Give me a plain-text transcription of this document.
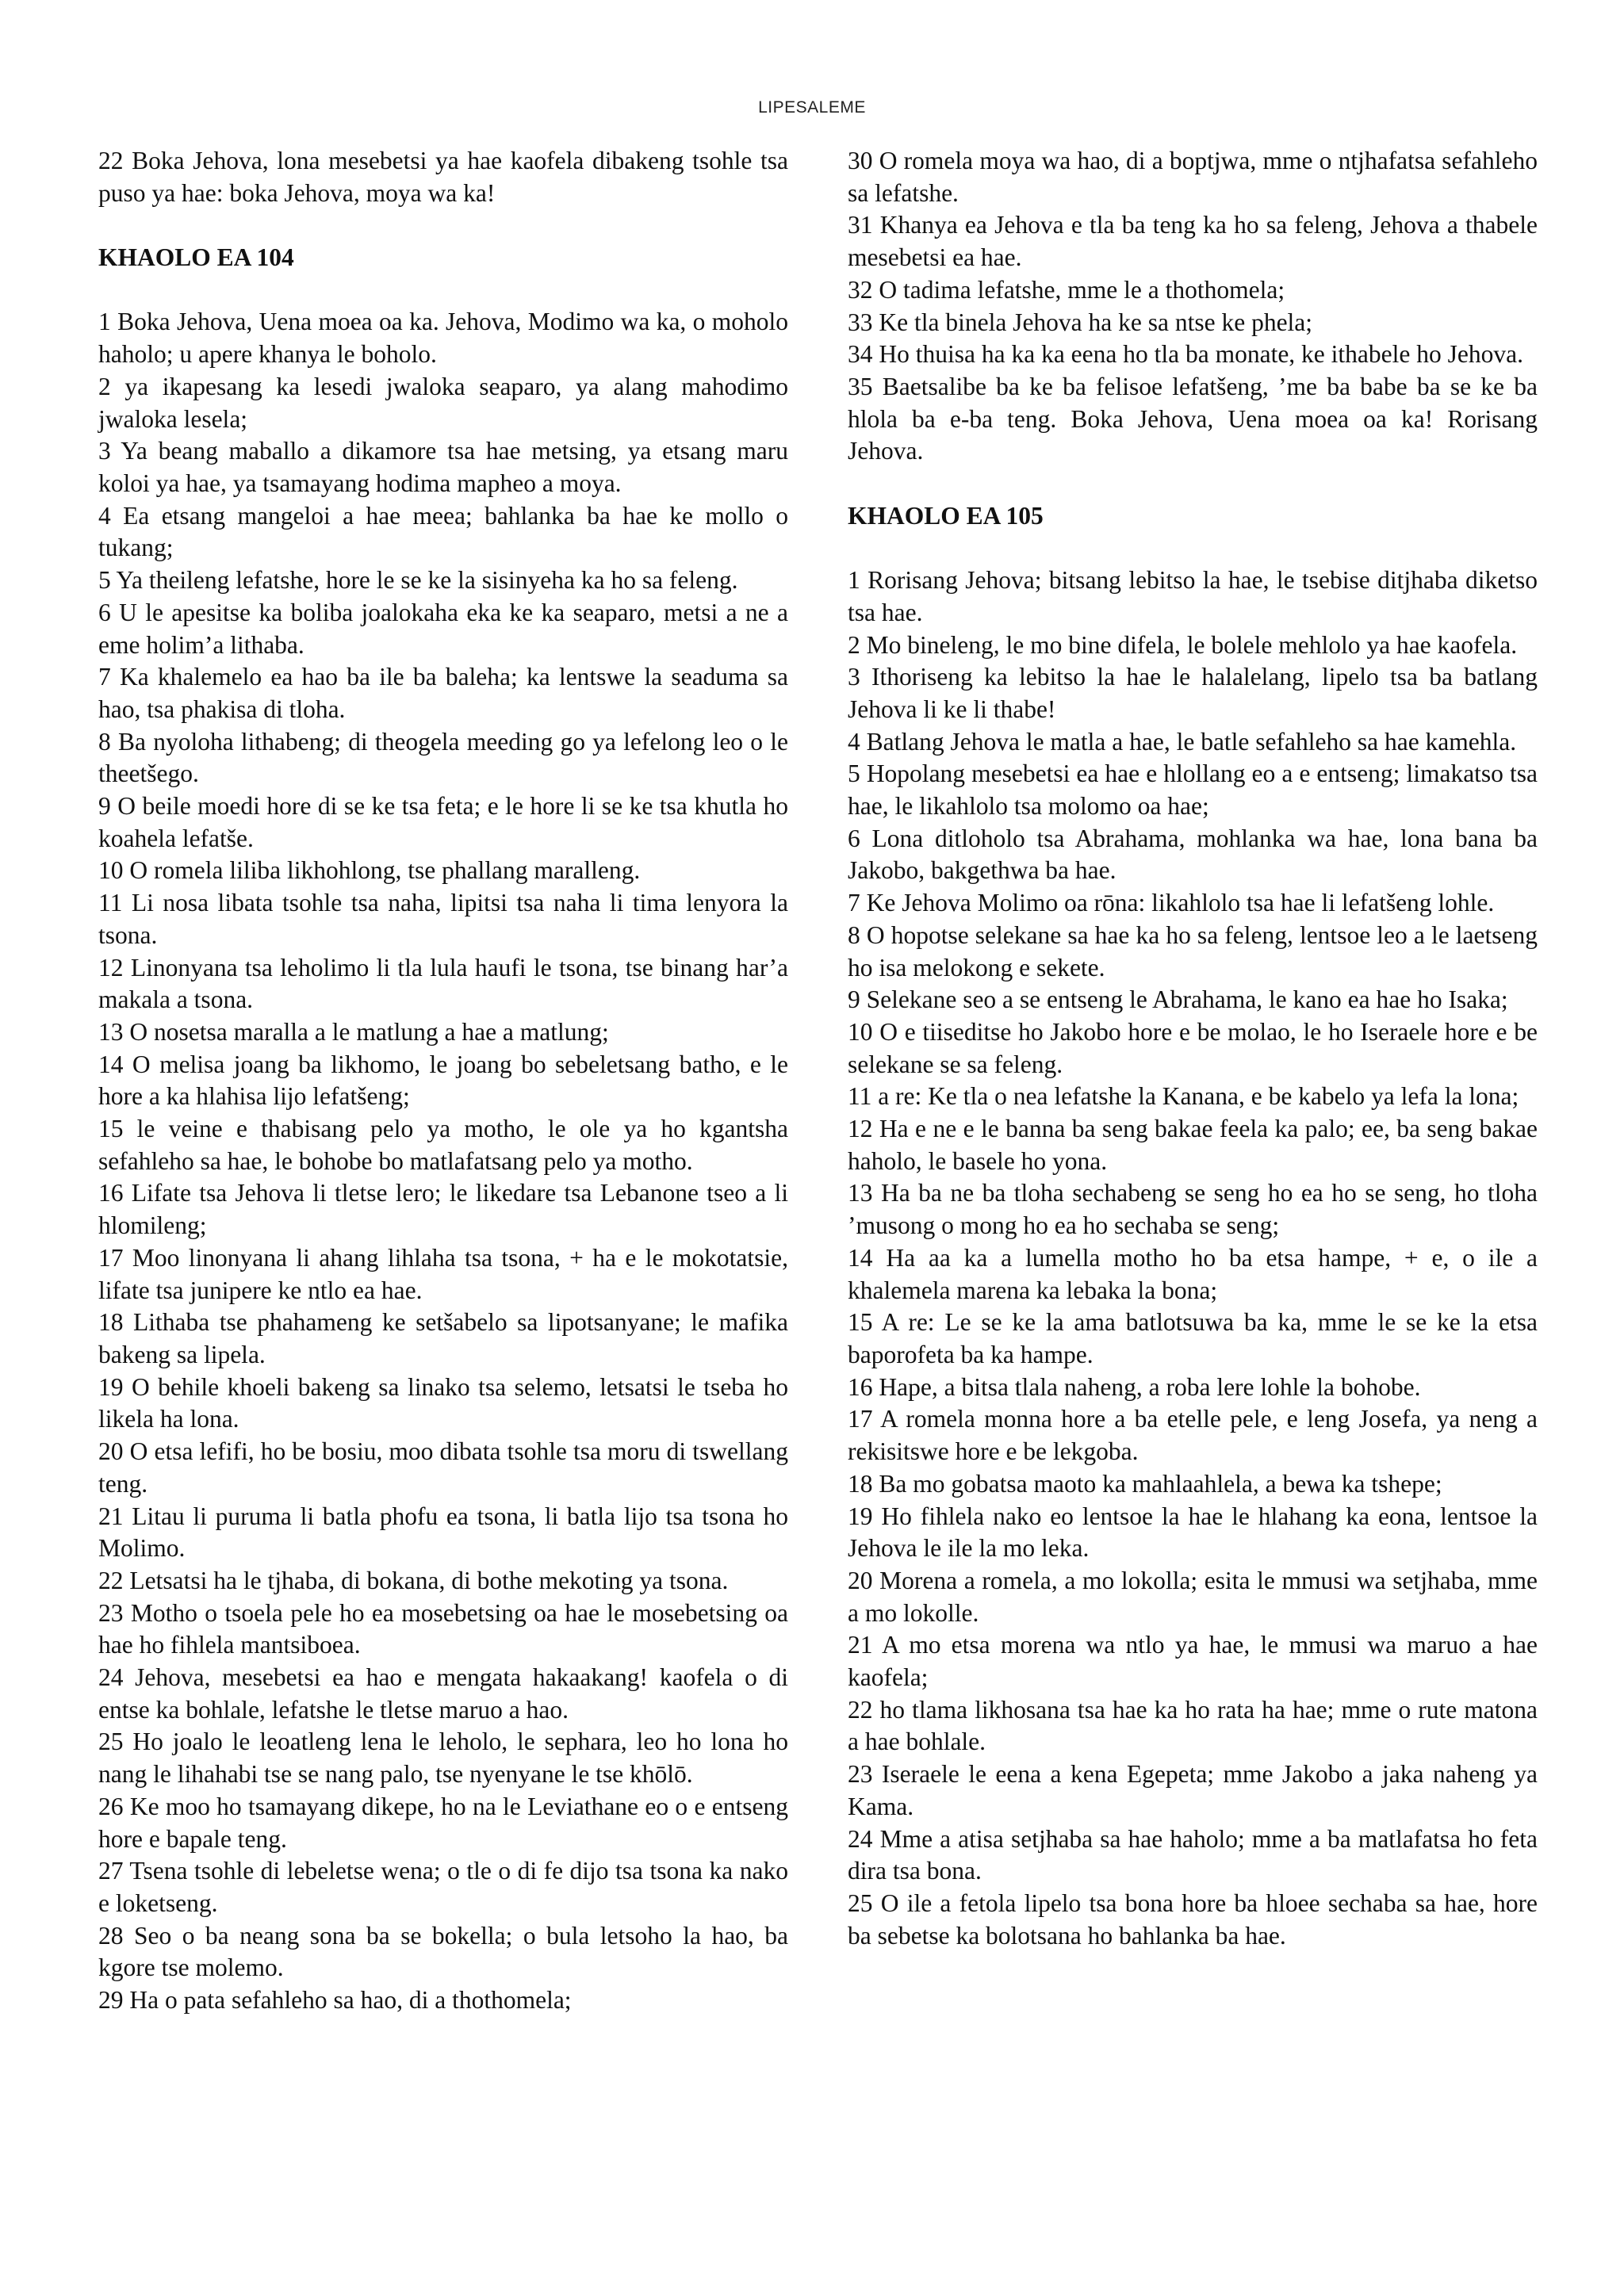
LIPESALEME

22 Boka Jehova, lona mesebetsi ya hae kaofela dibakeng tsohle tsa puso ya hae: boka Jehova, moya wa ka!

KHAOLO EA 104

1 Boka Jehova, Uena moea oa ka. Jehova, Modimo wa ka, o moholo haholo; u apere khanya le boholo.

2 ya ikapesang ka lesedi jwaloka seaparo, ya alang mahodimo jwaloka lesela;

3 Ya beang maballo a dikamore tsa hae metsing, ya etsang maru koloi ya hae, ya tsamayang hodima mapheo a moya.

4 Ea etsang mangeloi a hae meea; bahlanka ba hae ke mollo o tukang;

5 Ya theileng lefatshe, hore le se ke la sisinyeha ka ho sa feleng.

6 U le apesitse ka boliba joalokaha eka ke ka seaparo, metsi a ne a eme holim’a lithaba.

7 Ka khalemelo ea hao ba ile ba baleha; ka lentswe la seaduma sa hao, tsa phakisa di tloha.

8 Ba nyoloha lithabeng; di theogela meeding go ya lefelong leo o le theetšego.

9 O beile moedi hore di se ke tsa feta; e le hore li se ke tsa khutla ho koahela lefatše.

10 O romela liliba likhohlong, tse phallang maralleng.

11 Li nosa libata tsohle tsa naha, lipitsi tsa naha li tima lenyora la tsona.

12 Linonyana tsa leholimo li tla lula haufi le tsona, tse binang har’a makala a tsona.

13 O nosetsa maralla a le matlung a hae a matlung;

14 O melisa joang ba likhomo, le joang bo sebeletsang batho, e le hore a ka hlahisa lijo lefatšeng;

15 le veine e thabisang pelo ya motho, le ole ya ho kgantsha sefahleho sa hae, le bohobe bo matlafatsang pelo ya motho.

16 Lifate tsa Jehova li tletse lero; le likedare tsa Lebanone tseo a li hlomileng;

17 Moo linonyana li ahang lihlaha tsa tsona, + ha e le mokotatsie, lifate tsa junipere ke ntlo ea hae.

18 Lithaba tse phahameng ke setšabelo sa lipotsanyane; le mafika bakeng sa lipela.

19 O behile khoeli bakeng sa linako tsa selemo, letsatsi le tseba ho likela ha lona.

20 O etsa lefifi, ho be bosiu, moo dibata tsohle tsa moru di tswellang teng.

21 Litau li puruma li batla phofu ea tsona, li batla lijo tsa tsona ho Molimo.

22 Letsatsi ha le tjhaba, di bokana, di bothe mekoting ya tsona.

23 Motho o tsoela pele ho ea mosebetsing oa hae le mosebetsing oa hae ho fihlela mantsiboea.

24 Jehova, mesebetsi ea hao e mengata hakaakang! kaofela o di entse ka bohlale, lefatshe le tletse maruo a hao.

25 Ho joalo le leoatleng lena le leholo, le sephara, leo ho lona ho nang le lihahabi tse se nang palo, tse nyenyane le tse khōlō.

26 Ke moo ho tsamayang dikepe, ho na le Leviathane eo o e entseng hore e bapale teng.

27 Tsena tsohle di lebeletse wena; o tle o di fe dijo tsa tsona ka nako e loketseng.

28 Seo o ba neang sona ba se bokella; o bula letsoho la hao, ba kgore tse molemo.

29 Ha o pata sefahleho sa hao, di a thothomela;

30 O romela moya wa hao, di a boptjwa, mme o ntjhafatsa sefahleho sa lefatshe.

31 Khanya ea Jehova e tla ba teng ka ho sa feleng, Jehova a thabele mesebetsi ea hae.

32 O tadima lefatshe, mme le a thothomela;

33 Ke tla binela Jehova ha ke sa ntse ke phela;

34 Ho thuisa ha ka ka eena ho tla ba monate, ke ithabele ho Jehova.

35 Baetsalibe ba ke ba felisoe lefatšeng, ’me ba babe ba se ke ba hlola ba e-ba teng. Boka Jehova, Uena moea oa ka! Rorisang Jehova.

KHAOLO EA 105

1 Rorisang Jehova; bitsang lebitso la hae, le tsebise ditjhaba diketso tsa hae.

2 Mo bineleng, le mo bine difela, le bolele mehlolo ya hae kaofela.

3 Ithoriseng ka lebitso la hae le halalelang, lipelo tsa ba batlang Jehova li ke li thabe!

4 Batlang Jehova le matla a hae, le batle sefahleho sa hae kamehla.

5 Hopolang mesebetsi ea hae e hlollang eo a e entseng; limakatso tsa hae, le likahlolo tsa molomo oa hae;

6 Lona ditloholo tsa Abrahama, mohlanka wa hae, lona bana ba Jakobo, bakgethwa ba hae.

7 Ke Jehova Molimo oa rōna: likahlolo tsa hae li lefatšeng lohle.

8 O hopotse selekane sa hae ka ho sa feleng, lentsoe leo a le laetseng ho isa melokong e sekete.

9 Selekane seo a se entseng le Abrahama, le kano ea hae ho Isaka;

10 O e tiiseditse ho Jakobo hore e be molao, le ho Iseraele hore e be selekane se sa feleng.

11 a re: Ke tla o nea lefatshe la Kanana, e be kabelo ya lefa la lona;

12 Ha e ne e le banna ba seng bakae feela ka palo; ee, ba seng bakae haholo, le basele ho yona.

13 Ha ba ne ba tloha sechabeng se seng ho ea ho se seng, ho tloha ’musong o mong ho ea ho sechaba se seng;

14 Ha aa ka a lumella motho ho ba etsa hampe, + e, o ile a khalemela marena ka lebaka la bona;

15 A re: Le se ke la ama batlotsuwa ba ka, mme le se ke la etsa baporofeta ba ka hampe.

16 Hape, a bitsa tlala naheng, a roba lere lohle la bohobe.

17 A romela monna hore a ba etelle pele, e leng Josefa, ya neng a rekisitswe hore e be lekgoba.

18 Ba mo gobatsa maoto ka mahlaahlela, a bewa ka tshepe;

19 Ho fihlela nako eo lentsoe la hae le hlahang ka eona, lentsoe la Jehova le ile la mo leka.

20 Morena a romela, a mo lokolla; esita le mmusi wa setjhaba, mme a mo lokolle.

21 A mo etsa morena wa ntlo ya hae, le mmusi wa maruo a hae kaofela;

22 ho tlama likhosana tsa hae ka ho rata ha hae; mme o rute matona a hae bohlale.

23 Iseraele le eena a kena Egepeta; mme Jakobo a jaka naheng ya Kama.

24 Mme a atisa setjhaba sa hae haholo; mme a ba matlafatsa ho feta dira tsa bona.

25 O ile a fetola lipelo tsa bona hore ba hloee sechaba sa hae, hore ba sebetse ka bolotsana ho bahlanka ba hae.
